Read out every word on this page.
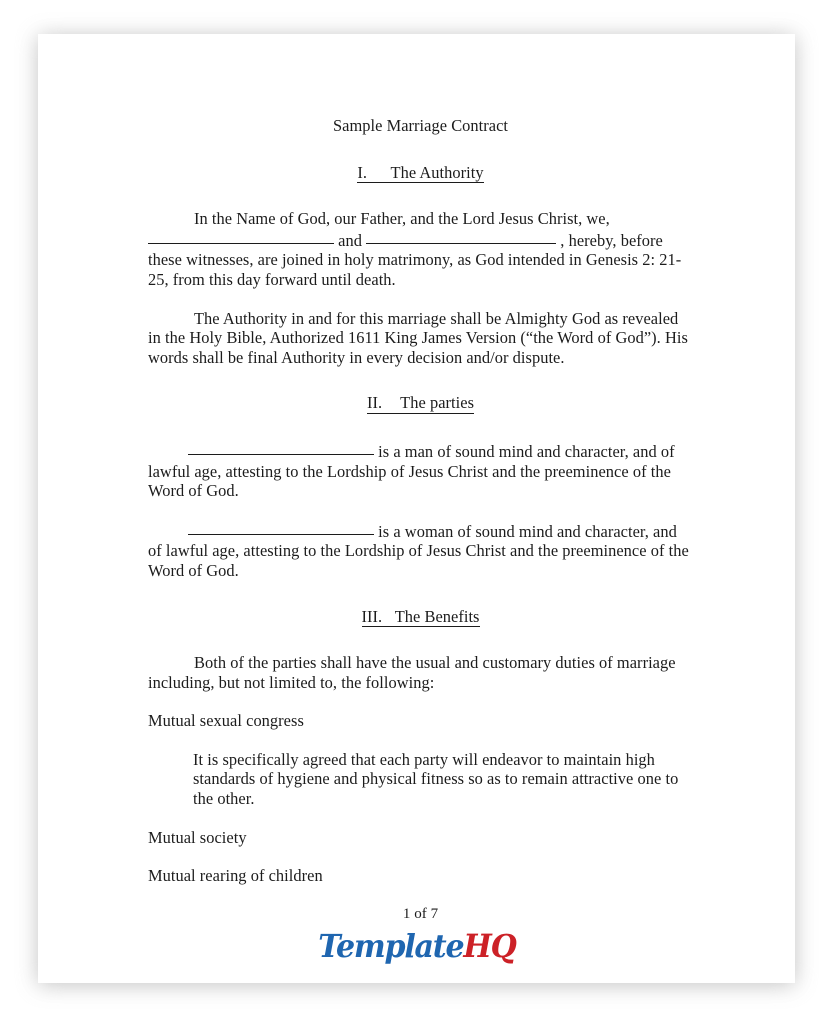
Sample Marriage Contract
I.	The Authority

In the Name of God, our Father, and the Lord Jesus Christ, we,
and	, hereby, before these witnesses, are joined in holy matrimony, as God intended in Genesis 2: 21-25, from this day forward until death.

The Authority in and for this marriage shall be Almighty God as revealed in the Holy Bible, Authorized 1611 King James Version (“the Word of God”). His words shall be final Authority in every decision and/or dispute.

II.	The parties

is a man of sound mind and character, and of lawful age, attesting to the Lordship of Jesus Christ and the preeminence of the Word of God.

is a woman of sound mind and character, and of lawful age, attesting to the Lordship of Jesus Christ and the preeminence of the Word of God.

III.	The Benefits

Both of the parties shall have the usual and customary duties of marriage including, but not limited to, the following:

Mutual sexual congress

It is specifically agreed that each party will endeavor to maintain high standards of hygiene and physical fitness so as to remain attractive one to the other.

Mutual society

Mutual rearing of children

1 of 7
TemplateHQ
